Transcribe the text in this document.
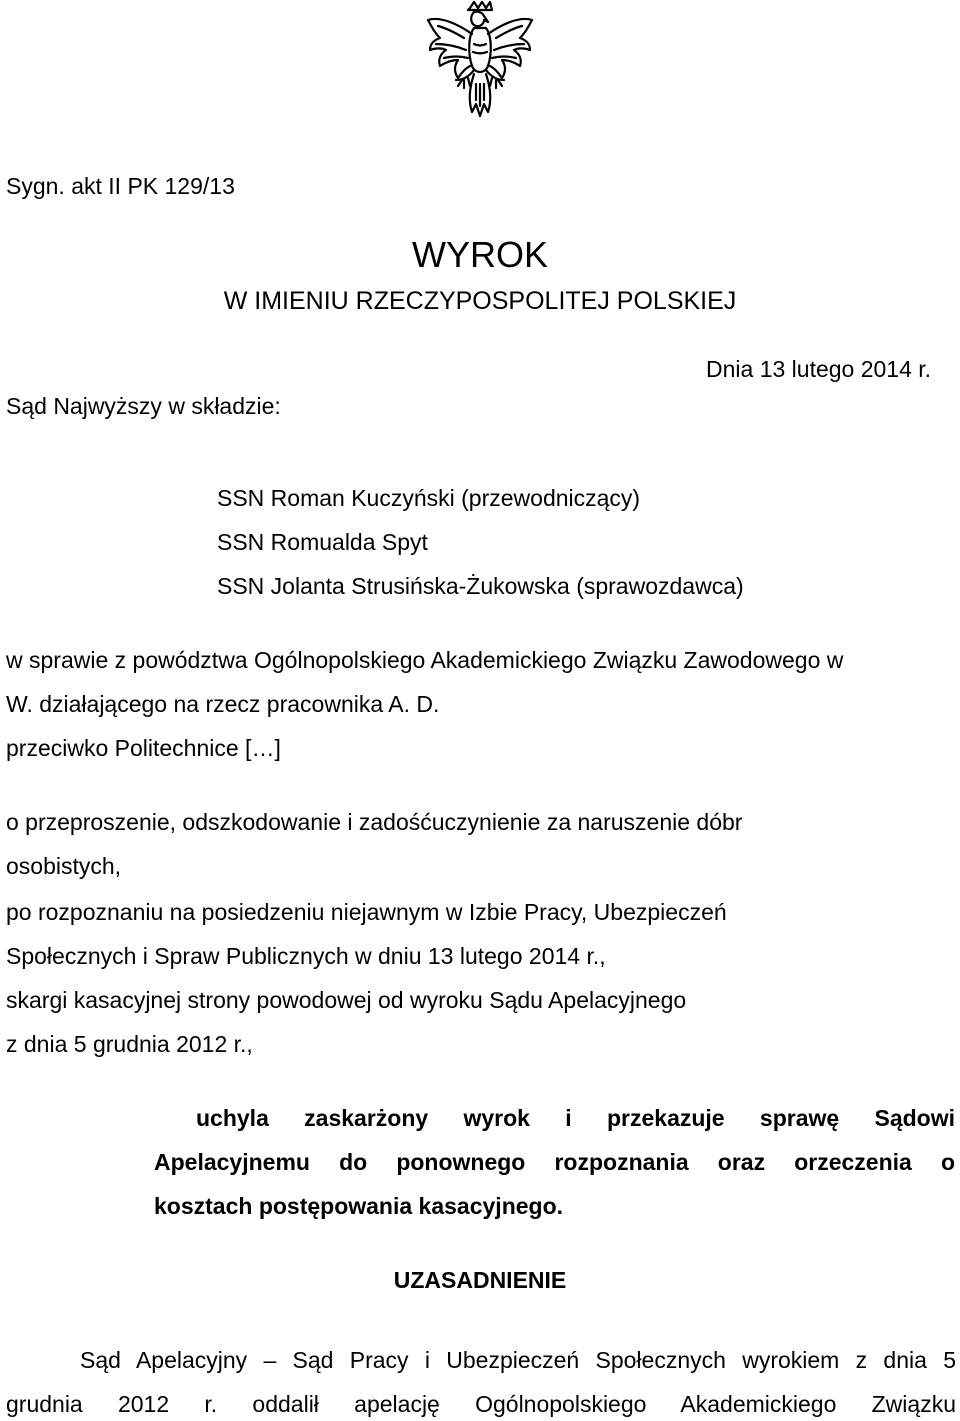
Sygn. akt II PK 129/13
WYROK
W IMIENIU RZECZYPOSPOLITEJ POLSKIEJ
Dnia 13 lutego 2014 r.
Sąd Najwyższy w składzie:
SSN Roman Kuczyński (przewodniczący)
SSN Romualda Spyt
SSN Jolanta Strusińska-Żukowska (sprawozdawca)
w sprawie z powództwa Ogólnopolskiego Akademickiego Związku Zawodowego w
W. działającego na rzecz pracownika A. D.
przeciwko Politechnice […]
o przeproszenie, odszkodowanie i zadośćuczynienie za naruszenie dóbr
osobistych,
po rozpoznaniu na posiedzeniu niejawnym w Izbie Pracy, Ubezpieczeń
Społecznych i Spraw Publicznych w dniu 13 lutego 2014 r.,
skargi kasacyjnej strony powodowej od wyroku Sądu Apelacyjnego
z dnia 5 grudnia 2012 r.,
uchyla zaskarżony wyrok i przekazuje sprawę Sądowi
Apelacyjnemu do ponownego rozpoznania oraz orzeczenia o
kosztach postępowania kasacyjnego.
UZASADNIENIE
Sąd Apelacyjny – Sąd Pracy i Ubezpieczeń Społecznych wyrokiem z dnia 5
grudnia 2012 r. oddalił apelację Ogólnopolskiego Akademickiego Związku
